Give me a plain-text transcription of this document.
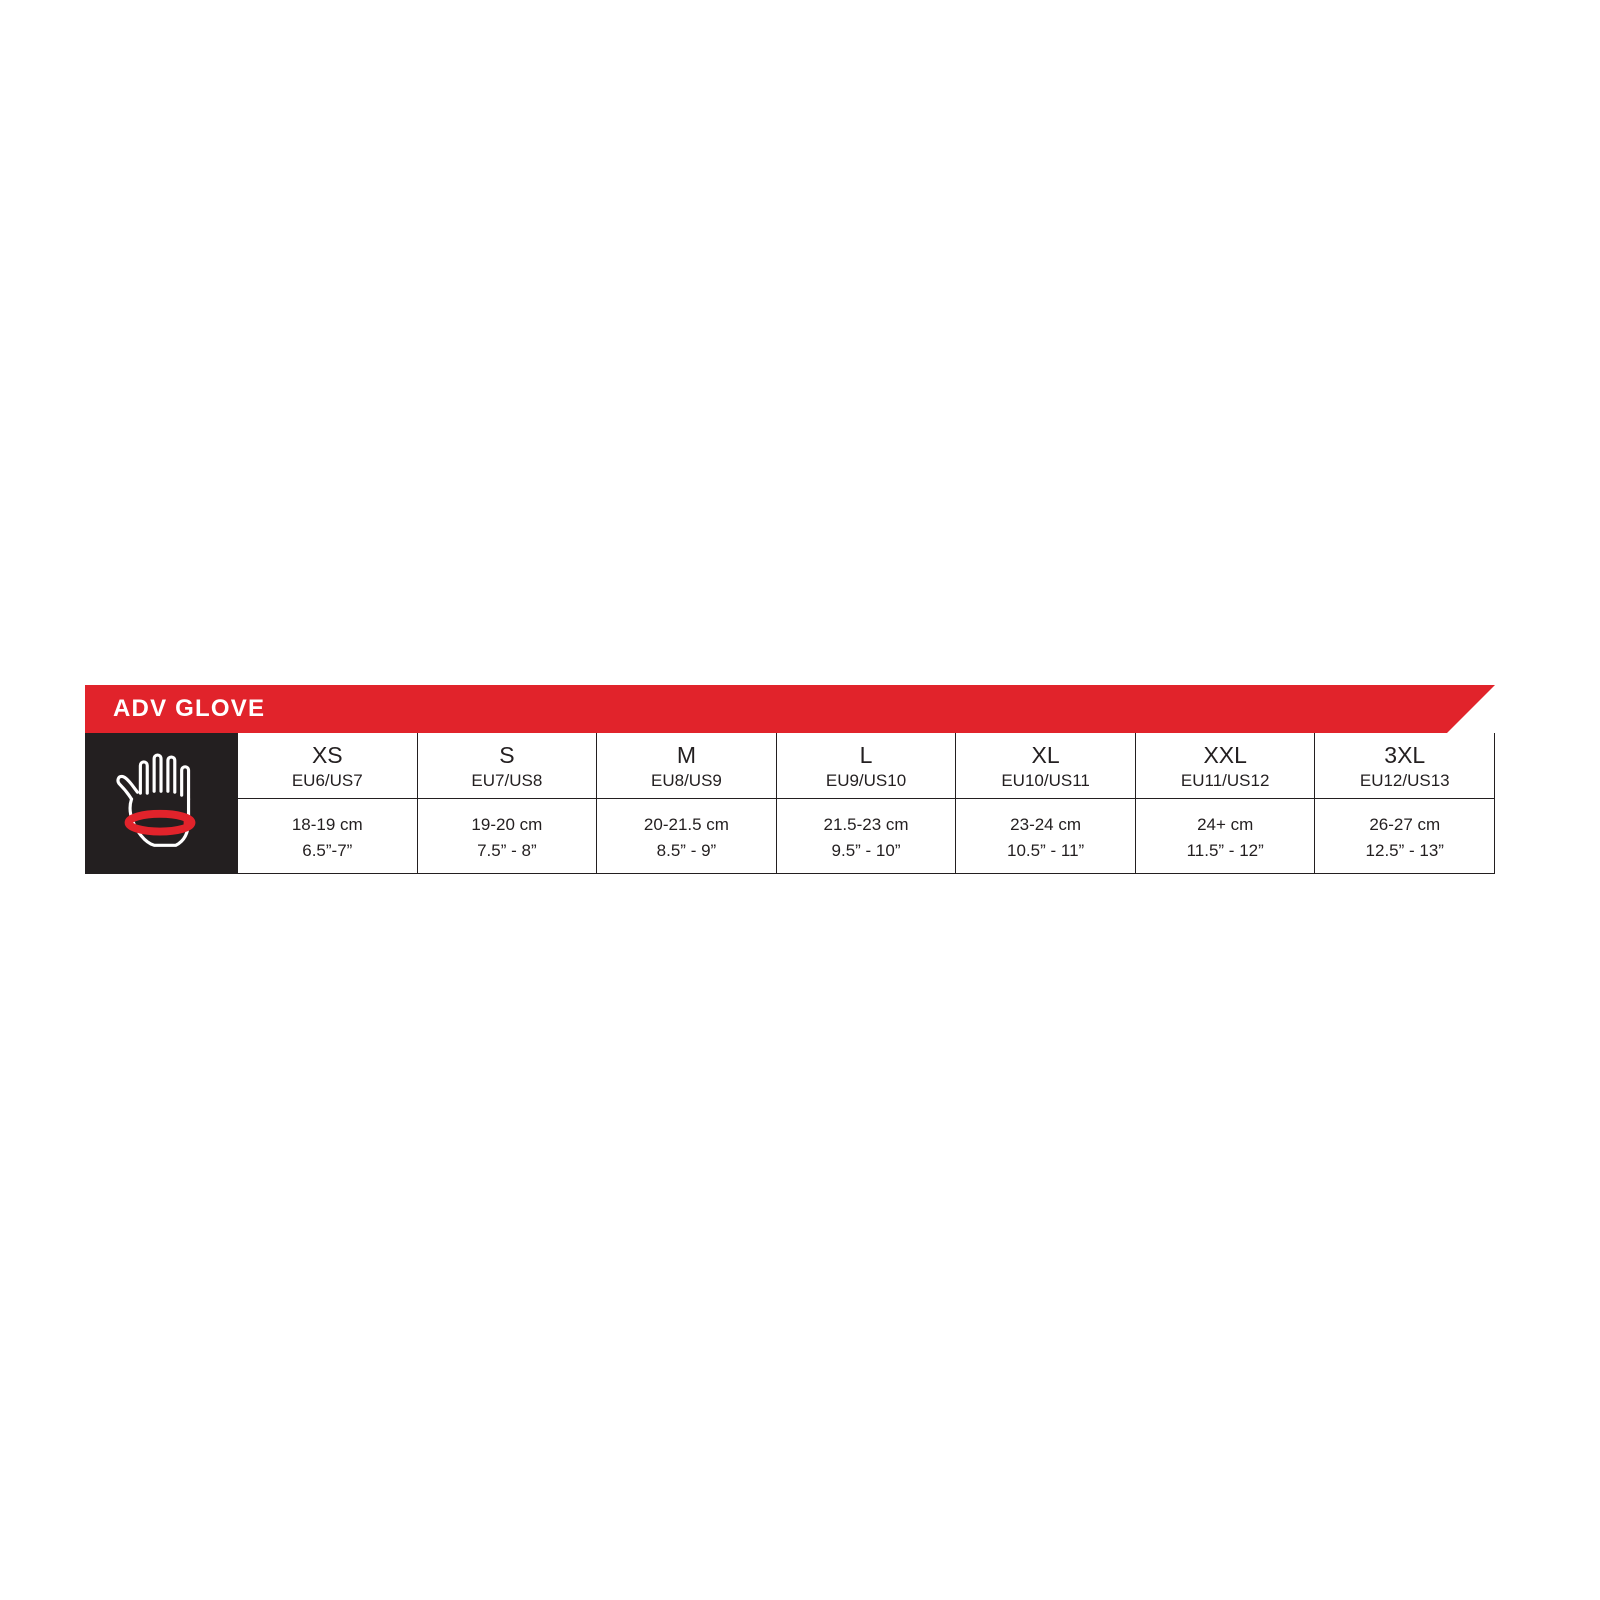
ADV GLOVE
XS
EU6/US7
18-19 cm
6.5”-7”
S
EU7/US8
19-20 cm
7.5” - 8”
M
EU8/US9
20-21.5 cm
8.5” - 9”
L
EU9/US10
21.5-23 cm
9.5” - 10”
XL
EU10/US11
23-24 cm
10.5” - 11”
XXL
EU11/US12
24+ cm
11.5” - 12”
3XL
EU12/US13
26-27 cm
12.5” - 13”
